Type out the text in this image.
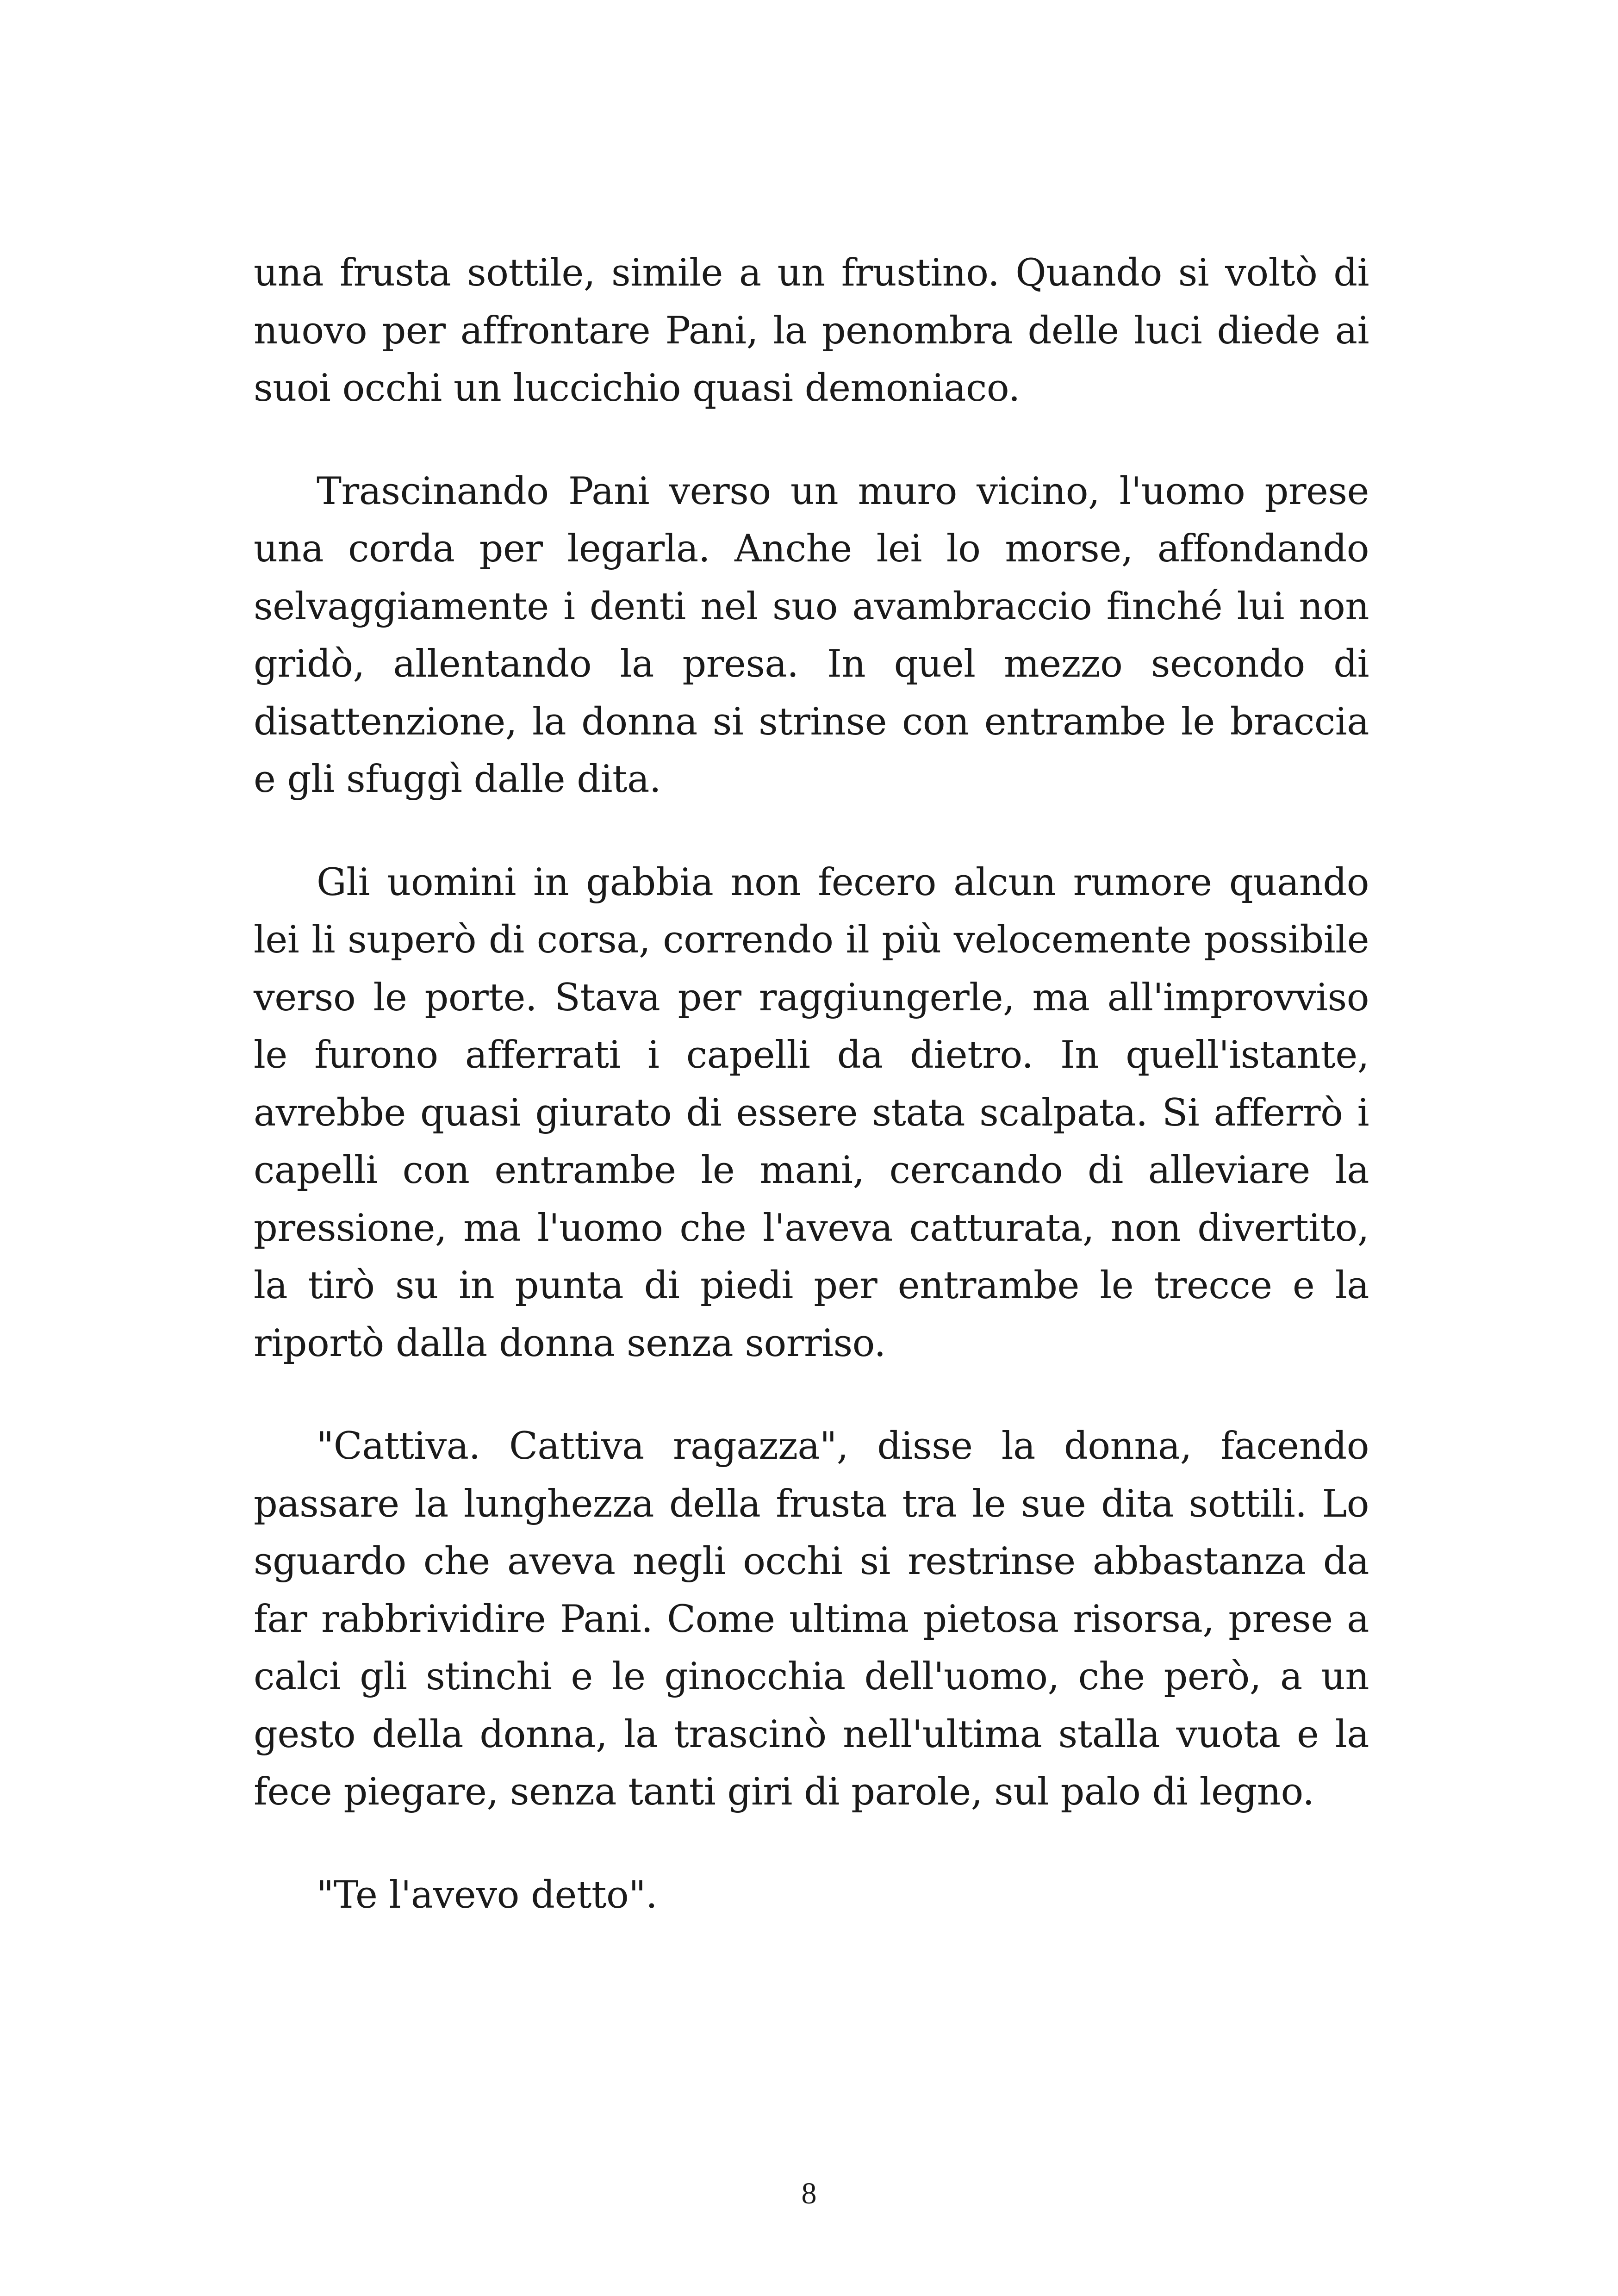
una frusta sottile, simile a un frustino. Quando si voltò di nuovo per affrontare Pani, la penombra delle luci diede ai suoi occhi un luccichio quasi demoniaco.

Trascinando Pani verso un muro vicino, l'uomo prese una corda per legarla. Anche lei lo morse, affondando selvaggiamente i denti nel suo avambraccio finché lui non gridò, allentando la presa. In quel mezzo secondo di disattenzione, la donna si strinse con entrambe le braccia e gli sfuggì dalle dita.

Gli uomini in gabbia non fecero alcun rumore quando lei li superò di corsa, correndo il più velocemente possibile verso le porte. Stava per raggiungerle, ma all'improvviso le furono afferrati i capelli da dietro. In quell'istante, avrebbe quasi giurato di essere stata scalpata. Si afferrò i capelli con entrambe le mani, cercando di alleviare la pressione, ma l'uomo che l'aveva catturata, non divertito, la tirò su in punta di piedi per entrambe le trecce e la riportò dalla donna senza sorriso.

"Cattiva. Cattiva ragazza", disse la donna, facendo passare la lunghezza della frusta tra le sue dita sottili. Lo sguardo che aveva negli occhi si restrinse abbastanza da far rabbrividire Pani. Come ultima pietosa risorsa, prese a calci gli stinchi e le ginocchia dell'uomo, che però, a un gesto della donna, la trascinò nell'ultima stalla vuota e la fece piegare, senza tanti giri di parole, sul palo di legno.

"Te l'avevo detto".

8
